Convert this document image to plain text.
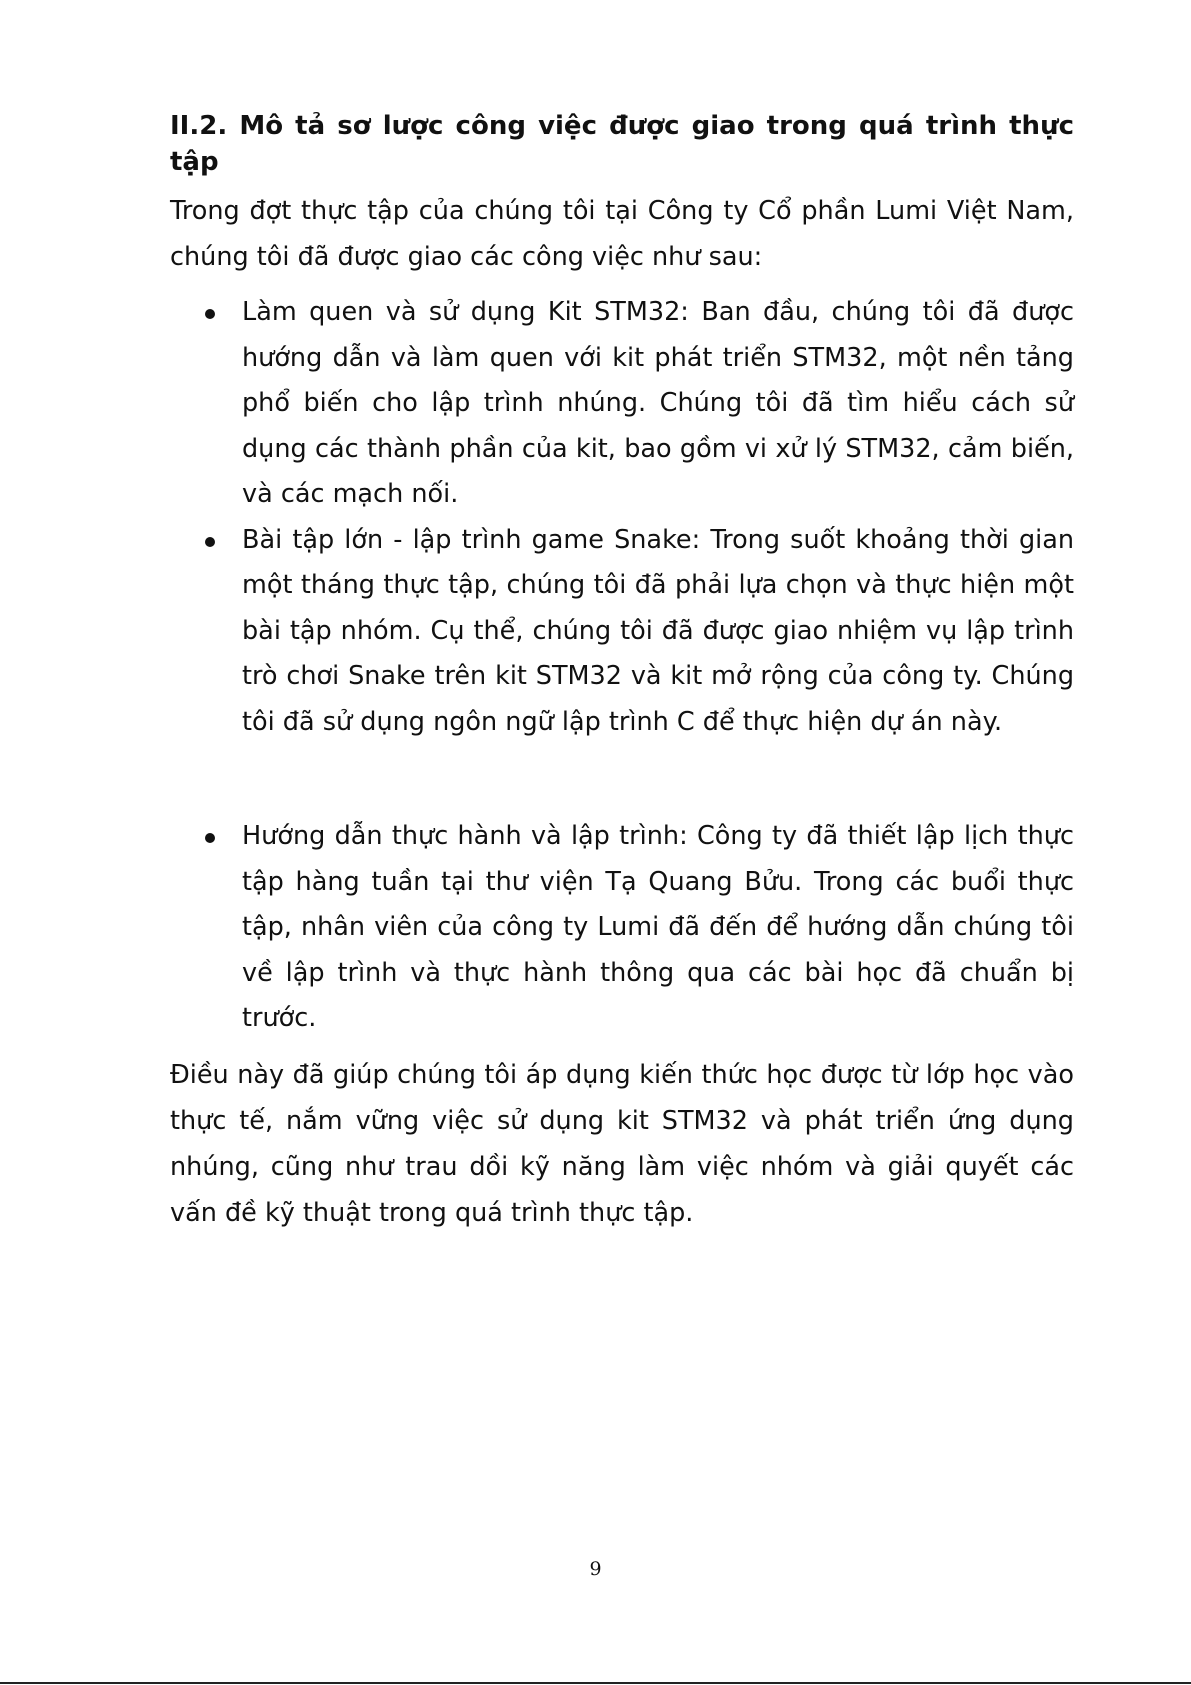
II.2. Mô tả sơ lược công việc được giao trong quá trình thực tập

Trong đợt thực tập của chúng tôi tại Công ty Cổ phần Lumi Việt Nam, chúng tôi đã được giao các công việc như sau:

Làm quen và sử dụng Kit STM32: Ban đầu, chúng tôi đã được hướng dẫn và làm quen với kit phát triển STM32, một nền tảng phổ biến cho lập trình nhúng. Chúng tôi đã tìm hiểu cách sử dụng các thành phần của kit, bao gồm vi xử lý STM32, cảm biến, và các mạch nối.
Bài tập lớn - lập trình game Snake: Trong suốt khoảng thời gian một tháng thực tập, chúng tôi đã phải lựa chọn và thực hiện một bài tập nhóm. Cụ thể, chúng tôi đã được giao nhiệm vụ lập trình trò chơi Snake trên kit STM32 và kit mở rộng của công ty. Chúng tôi đã sử dụng ngôn ngữ lập trình C để thực hiện dự án này.
Hướng dẫn thực hành và lập trình: Công ty đã thiết lập lịch thực tập hàng tuần tại thư viện Tạ Quang Bửu. Trong các buổi thực tập, nhân viên của công ty Lumi đã đến để hướng dẫn chúng tôi về lập trình và thực hành thông qua các bài học đã chuẩn bị trước.

Điều này đã giúp chúng tôi áp dụng kiến thức học được từ lớp học vào thực tế, nắm vững việc sử dụng kit STM32 và phát triển ứng dụng nhúng, cũng như trau dồi kỹ năng làm việc nhóm và giải quyết các vấn đề kỹ thuật trong quá trình thực tập.

9
